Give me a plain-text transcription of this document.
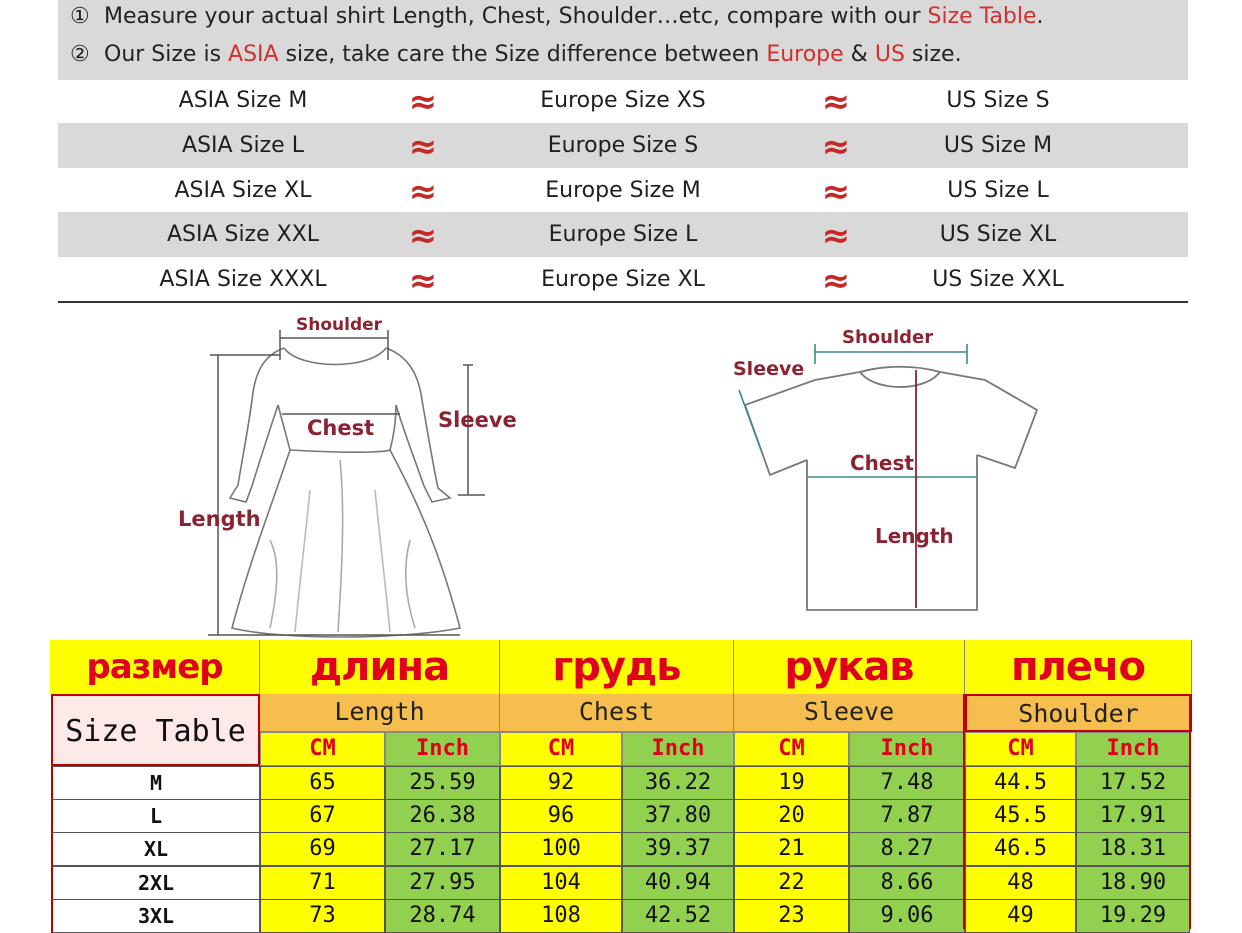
① Measure your actual shirt Length, Chest, Shoulder…etc, compare with our Size Table.
② Our Size is ASIA size, take care the Size difference between Europe & US size.
ASIA Size M	≈	Europe Size XS	≈	US Size S
ASIA Size L	≈	Europe Size S	≈	US Size M
ASIA Size XL	≈	Europe Size M	≈	US Size L
ASIA Size XXL	≈	Europe Size L	≈	US Size XL
ASIA Size XXXL	≈	Europe Size XL	≈	US Size XXL
Shoulder
Chest	Sleeve
Length
Shoulder
Sleeve
Chest
Length
размер	длина	грудь	рукав	плечо
Size Table
Length	Chest	Sleeve	Shoulder
CM	Inch	CM	Inch	CM	Inch	CM	Inch
M	65	25.59	92	36.22	19	7.48	44.5	17.52
L	67	26.38	96	37.80	20	7.87	45.5	17.91
XL	69	27.17	100	39.37	21	8.27	46.5	18.31
2XL	71	27.95	104	40.94	22	8.66	48	18.90
3XL	73	28.74	108	42.52	23	9.06	49	19.29
